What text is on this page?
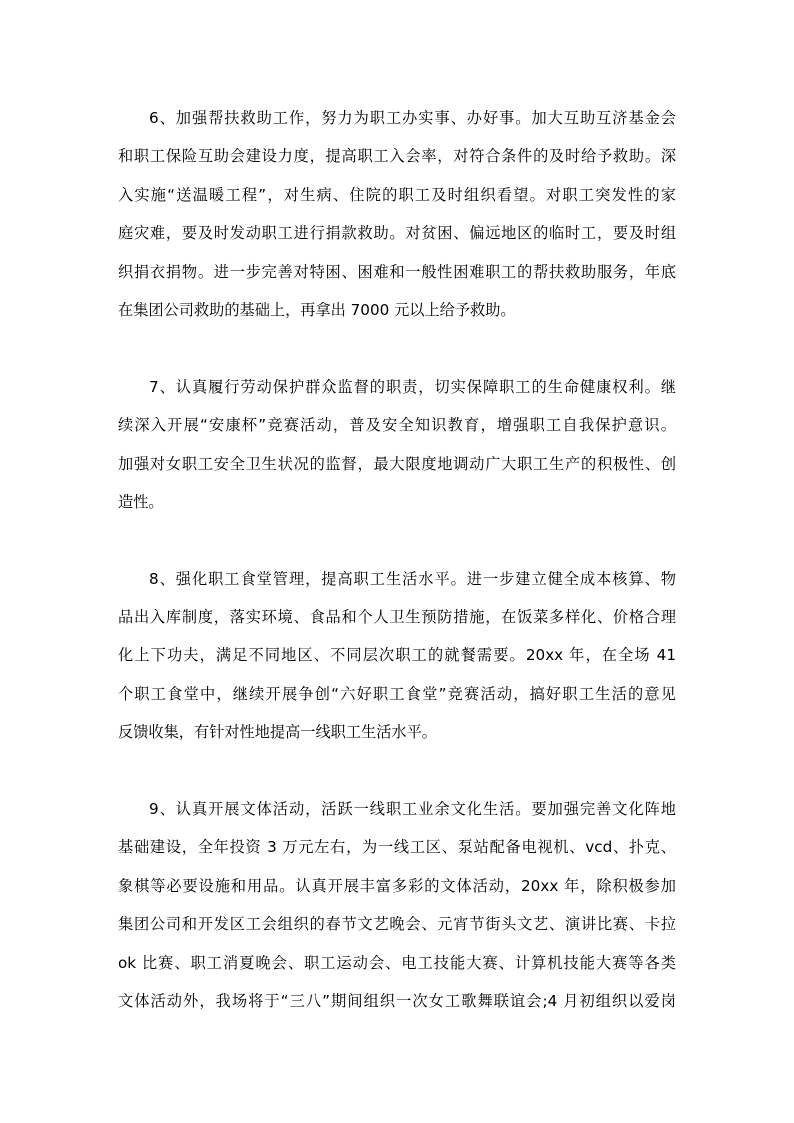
6、加强帮扶救助工作，努力为职工办实事、办好事。加大互助互济基金会
和职工保险互助会建设力度，提高职工入会率，对符合条件的及时给予救助。深
入实施“送温暖工程”，对生病、住院的职工及时组织看望。对职工突发性的家
庭灾难，要及时发动职工进行捐款救助。对贫困、偏远地区的临时工，要及时组
织捐衣捐物。进一步完善对特困、困难和一般性困难职工的帮扶救助服务，年底
在集团公司救助的基础上，再拿出 7000 元以上给予救助。
7、认真履行劳动保护群众监督的职责，切实保障职工的生命健康权利。继
续深入开展“安康杯”竞赛活动，普及安全知识教育，增强职工自我保护意识。
加强对女职工安全卫生状况的监督，最大限度地调动广大职工生产的积极性、创
造性。
8、强化职工食堂管理，提高职工生活水平。进一步建立健全成本核算、物
品出入库制度，落实环境、食品和个人卫生预防措施，在饭菜多样化、价格合理
化上下功夫，满足不同地区、不同层次职工的就餐需要。20xx 年，在全场 41
个职工食堂中，继续开展争创“六好职工食堂”竞赛活动，搞好职工生活的意见
反馈收集，有针对性地提高一线职工生活水平。
9、认真开展文体活动，活跃一线职工业余文化生活。要加强完善文化阵地
基础建设，全年投资 3 万元左右，为一线工区、泵站配备电视机、vcd、扑克、
象棋等必要设施和用品。认真开展丰富多彩的文体活动，20xx 年，除积极参加
集团公司和开发区工会组织的春节文艺晚会、元宵节街头文艺、演讲比赛、卡拉
ok 比赛、职工消夏晚会、职工运动会、电工技能大赛、计算机技能大赛等各类
文体活动外，我场将于“三八”期间组织一次女工歌舞联谊会;4 月初组织以爱岗
